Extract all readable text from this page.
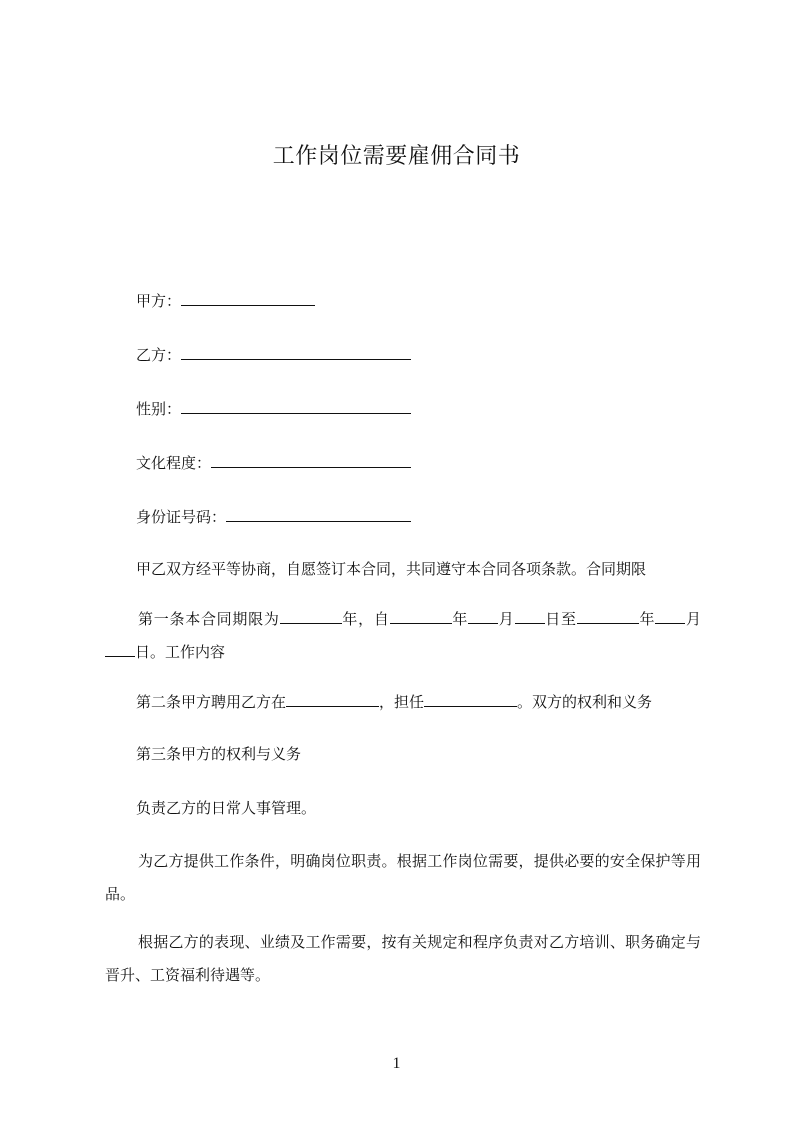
工作岗位需要雇佣合同书
甲方：
乙方：
性别：
文化程度：
身份证号码：
甲乙双方经平等协商，自愿签订本合同，共同遵守本合同各项条款。合同期限
第一条本合同期限为	年，自	年 月 日至	年 月日。工作内容
第二条甲方聘用乙方在	，担任	。双方的权利和义务
第三条甲方的权利与义务
负责乙方的日常人事管理。
为乙方提供工作条件，明确岗位职责。根据工作岗位需要，提供必要的安全保护等用品。
根据乙方的表现、业绩及工作需要，按有关规定和程序负责对乙方培训、职务确定与晋升、工资福利待遇等。
1
